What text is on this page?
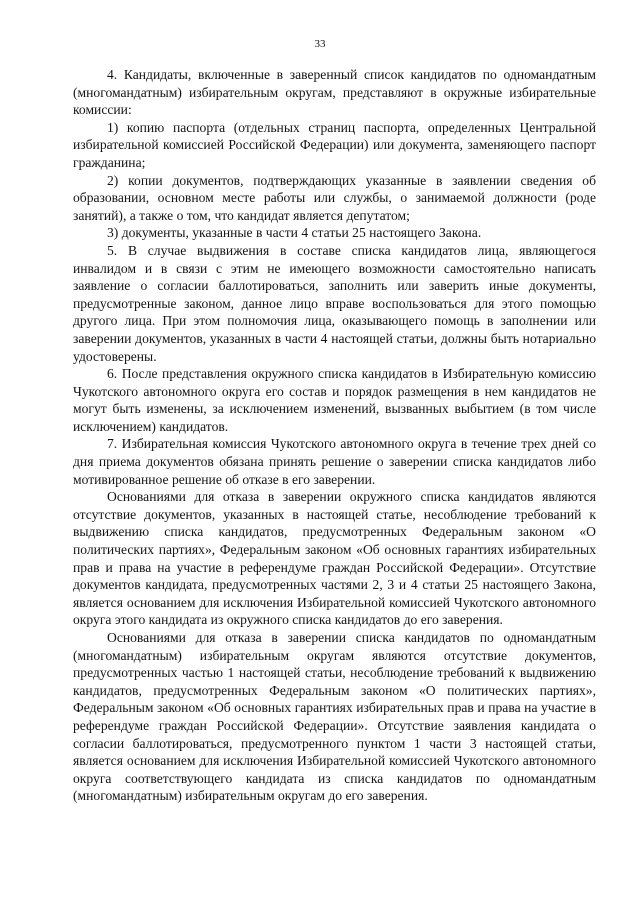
33

4. Кандидаты, включенные в заверенный список кандидатов по одномандатным (многомандатным) избирательным округам, представляют в окружные избирательные комиссии:

1) копию паспорта (отдельных страниц паспорта, определенных Центральной избирательной комиссией Российской Федерации) или документа, заменяющего паспорт гражданина;

2) копии документов, подтверждающих указанные в заявлении сведения об образовании, основном месте работы или службы, о занимаемой должности (роде занятий), а также о том, что кандидат является депутатом;

3) документы, указанные в части 4 статьи 25 настоящего Закона.

5. В случае выдвижения в составе списка кандидатов лица, являющегося инвалидом и в связи с этим не имеющего возможности самостоятельно написать заявление о согласии баллотироваться, заполнить или заверить иные документы, предусмотренные законом, данное лицо вправе воспользоваться для этого помощью другого лица. При этом полномочия лица, оказывающего помощь в заполнении или заверении документов, указанных в части 4 настоящей статьи, должны быть нотариально удостоверены.

6. После представления окружного списка кандидатов в Избирательную комиссию Чукотского автономного округа его состав и порядок размещения в нем кандидатов не могут быть изменены, за исключением изменений, вызванных выбытием (в том числе исключением) кандидатов.

7. Избирательная комиссия Чукотского автономного округа в течение трех дней со дня приема документов обязана принять решение о заверении списка кандидатов либо мотивированное решение об отказе в его заверении.

Основаниями для отказа в заверении окружного списка кандидатов являются отсутствие документов, указанных в настоящей статье, несоблюдение требований к выдвижению списка кандидатов, предусмотренных Федеральным законом «О политических партиях», Федеральным законом «Об основных гарантиях избирательных прав и права на участие в референдуме граждан Российской Федерации». Отсутствие документов кандидата, предусмотренных частями 2, 3 и 4 статьи 25 настоящего Закона, является основанием для исключения Избирательной комиссией Чукотского автономного округа этого кандидата из окружного списка кандидатов до его заверения.

Основаниями для отказа в заверении списка кандидатов по одномандатным (многомандатным) избирательным округам являются отсутствие документов, предусмотренных частью 1 настоящей статьи, несоблюдение требований к выдвижению кандидатов, предусмотренных Федеральным законом «О политических партиях», Федеральным законом «Об основных гарантиях избирательных прав и права на участие в референдуме граждан Российской Федерации». Отсутствие заявления кандидата о согласии баллотироваться, предусмотренного пунктом 1 части 3 настоящей статьи, является основанием для исключения Избирательной комиссией Чукотского автономного округа соответствующего кандидата из списка кандидатов по одномандатным (многомандатным) избирательным округам до его заверения.
